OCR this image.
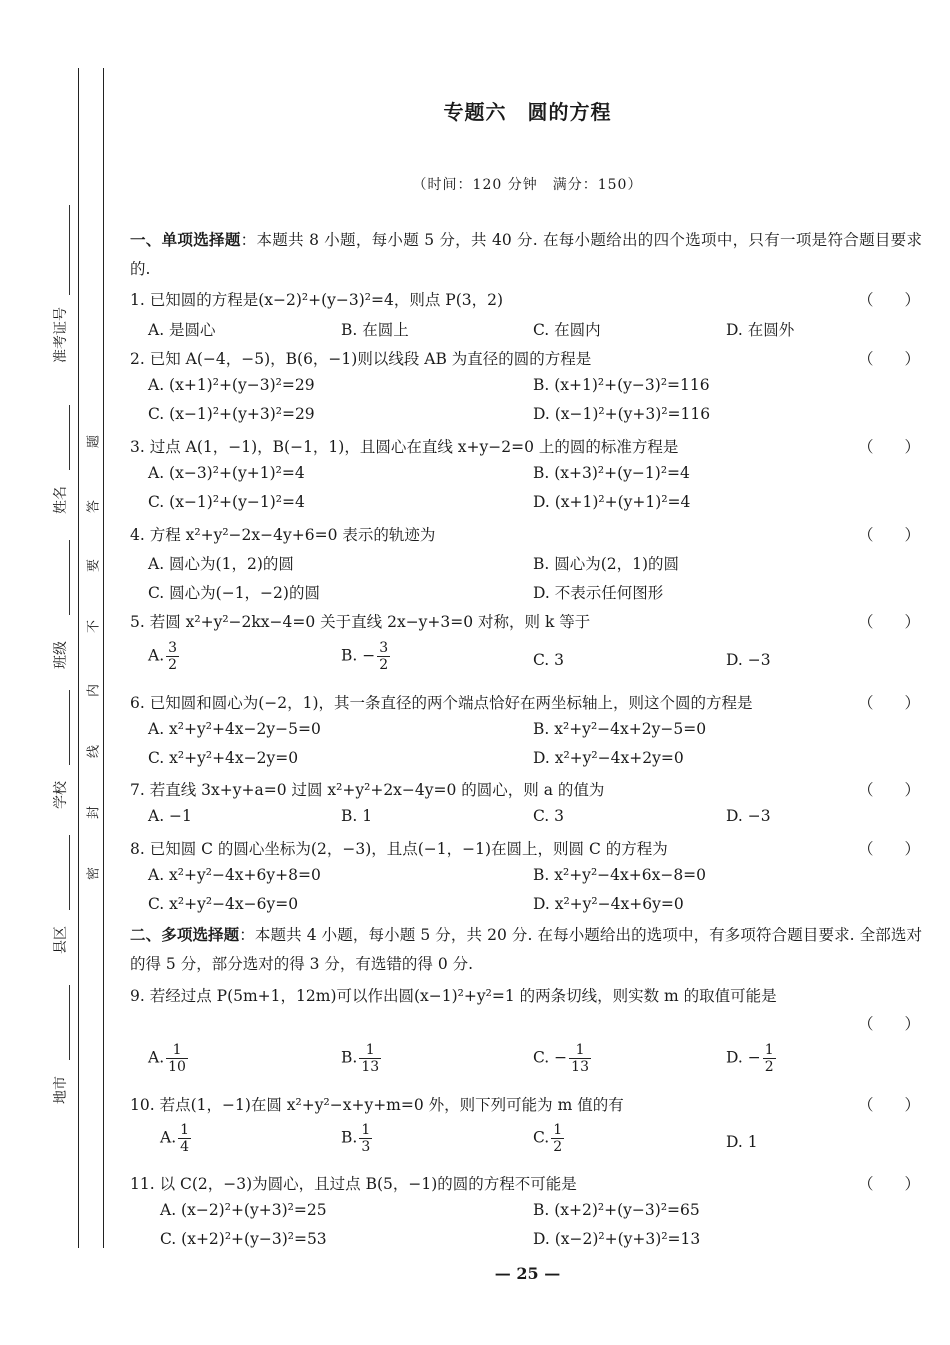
准考证号
姓名
班级
学校
县区
地市
题
答
要
不
内
线
封
密
专题六　圆的方程
（时间：120 分钟　满分：150）
一、单项选择题：本题共 8 小题，每小题 5 分，共 40 分. 在每小题给出的四个选项中，只有一项是符合题目要求的.
1. 已知圆的方程是(x−2)²+(y−3)²=4，则点 P(3，2)	（　　）
A. 是圆心	B. 在圆上	C. 在圆内	D. 在圆外
2. 已知 A(−4，−5)，B(6，−1)则以线段 AB 为直径的圆的方程是	（　　）
A. (x+1)²+(y−3)²=29	B. (x+1)²+(y−3)²=116
C. (x−1)²+(y+3)²=29	D. (x−1)²+(y+3)²=116
3. 过点 A(1，−1)，B(−1，1)，且圆心在直线 x+y−2=0 上的圆的标准方程是	（　　）
A. (x−3)²+(y+1)²=4	B. (x+3)²+(y−1)²=4
C. (x−1)²+(y−1)²=4	D. (x+1)²+(y+1)²=4
4. 方程 x²+y²−2x−4y+6=0 表示的轨迹为	（　　）
A. 圆心为(1，2)的圆	B. 圆心为(2，1)的圆
C. 圆心为(−1，−2)的圆	D. 不表示任何图形
5. 若圆 x²+y²−2kx−4=0 关于直线 2x−y+3=0 对称，则 k 等于	（　　）
A. $\frac{3}{2}$	B. − $\frac{3}{2}$	C. 3	D. −3
6. 已知圆和圆心为(−2，1)，其一条直径的两个端点恰好在两坐标轴上，则这个圆的方程是	（　　）
A. x²+y²+4x−2y−5=0	B. x²+y²−4x+2y−5=0
C. x²+y²+4x−2y=0	D. x²+y²−4x+2y=0
7. 若直线 3x+y+a=0 过圆 x²+y²+2x−4y=0 的圆心，则 a 的值为	（　　）
A. −1	B. 1	C. 3	D. −3
8. 已知圆 C 的圆心坐标为(2，−3)，且点(−1，−1)在圆上，则圆 C 的方程为	（　　）
A. x²+y²−4x+6y+8=0	B. x²+y²−4x+6x−8=0
C. x²+y²−4x−6y=0	D. x²+y²−4x+6y=0
二、多项选择题：本题共 4 小题，每小题 5 分，共 20 分. 在每小题给出的选项中，有多项符合题目要求. 全部选对的得 5 分，部分选对的得 3 分，有选错的得 0 分.
9. 若经过点 P(5m+1，12m)可以作出圆(x−1)²+y²=1 的两条切线，则实数 m 的取值可能是
（　　）
A. $\frac{1}{10}$	B. $\frac{1}{13}$	C. − $\frac{1}{13}$	D. − $\frac{1}{2}$
10. 若点(1，−1)在圆 x²+y²−x+y+m=0 外，则下列可能为 m 值的有	（　　）
A. $\frac{1}{4}$	B. $\frac{1}{3}$	C. $\frac{1}{2}$	D. 1
11. 以 C(2，−3)为圆心，且过点 B(5，−1)的圆的方程不可能是	（　　）
A. (x−2)²+(y+3)²=25	B. (x+2)²+(y−3)²=65
C. (x+2)²+(y−3)²=53	D. (x−2)²+(y+3)²=13
— 25 —
